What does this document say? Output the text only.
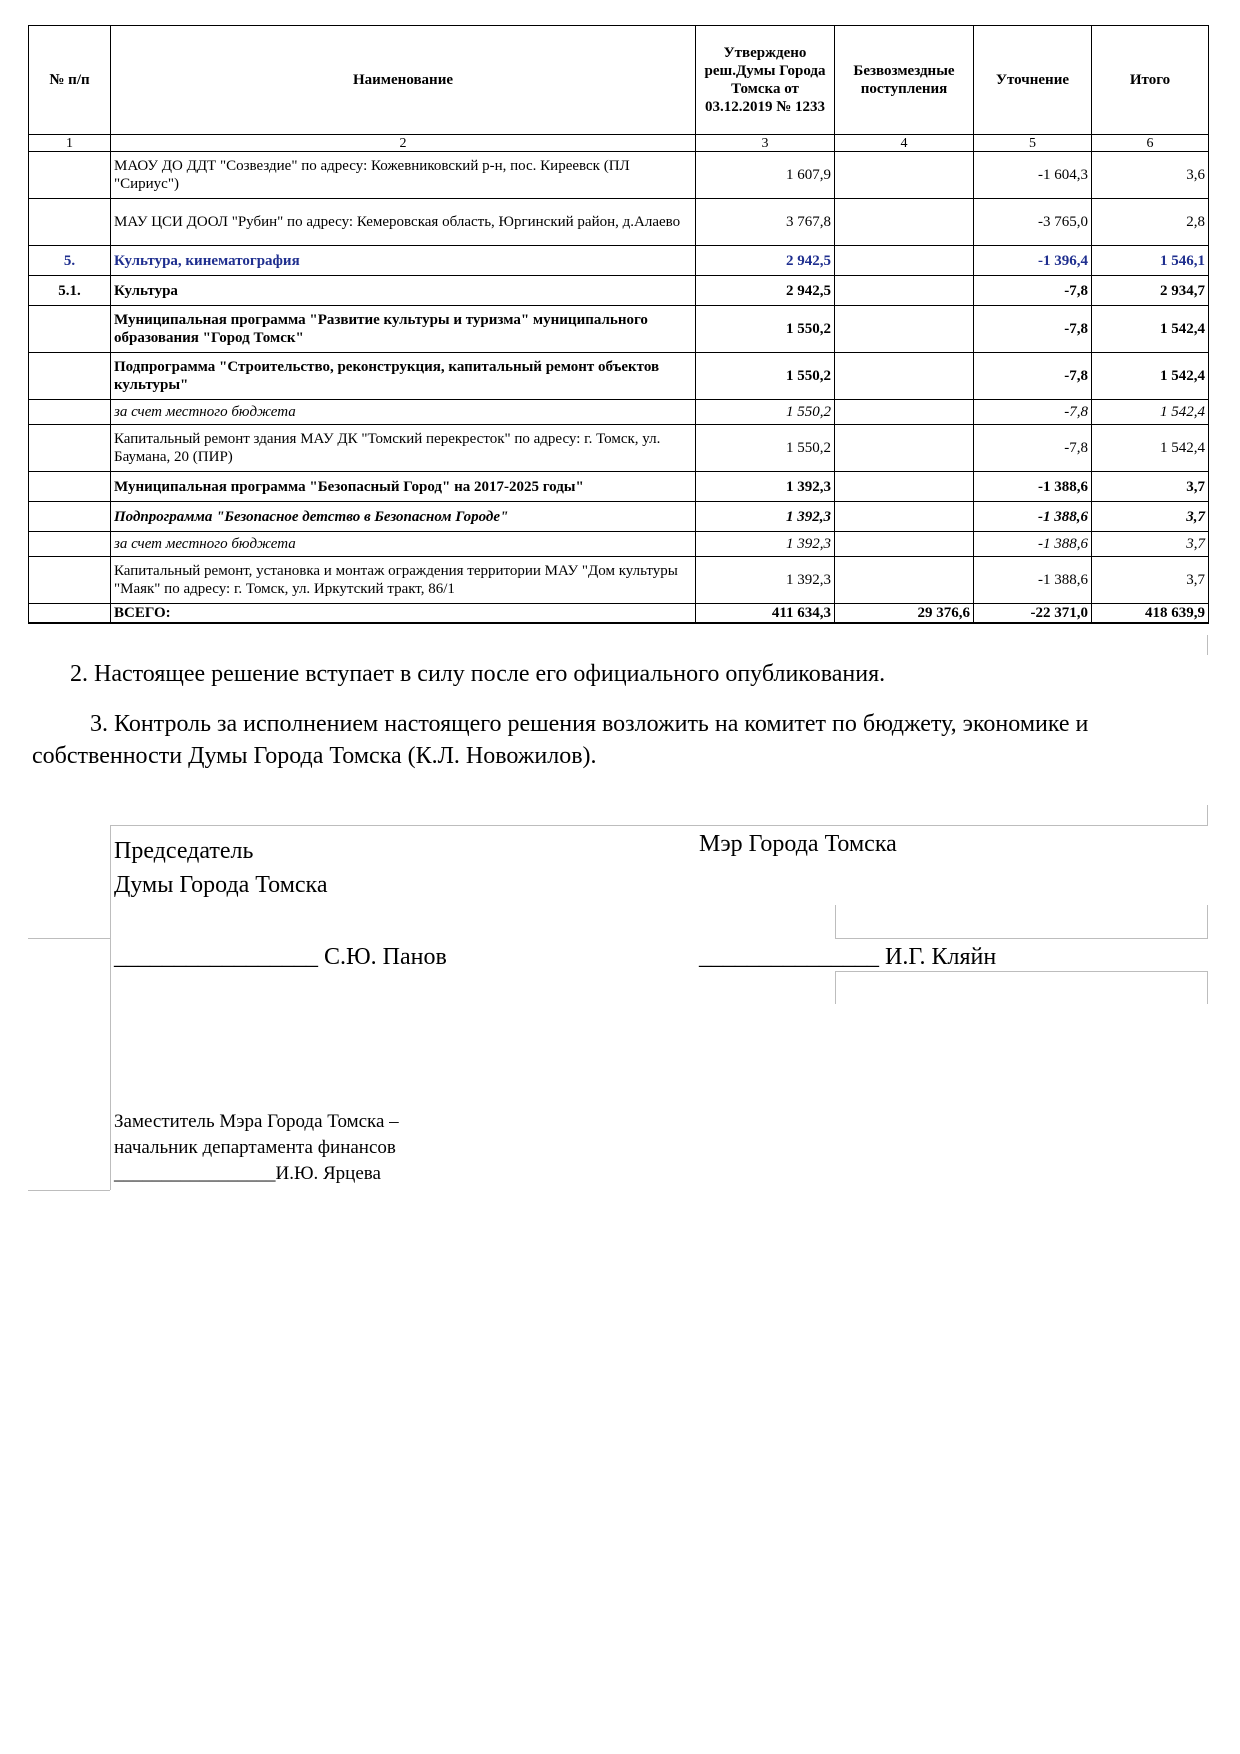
№ п/п	Наименование	Утверждено
реш.Думы Города
Томска от
03.12.2019 № 1233	Безвозмездные
поступления	Уточнение	Итого
1	2	3	4	5	6
	МАОУ ДО ДДТ "Созвездие" по адресу: Кожевниковский р-н, пос. Киреевск (ПЛ "Сириус")	1 607,9		-1 604,3	3,6
	МАУ ЦСИ ДООЛ "Рубин" по адресу: Кемеровская область, Юргинский район, д.Алаево	3 767,8		-3 765,0	2,8
5.	Культура, кинематография	2 942,5		-1 396,4	1 546,1
5.1.	Культура	2 942,5		-7,8	2 934,7
	Муниципальная программа "Развитие культуры и туризма" муниципального образования "Город Томск"	1 550,2		-7,8	1 542,4
	Подпрограмма "Строительство, реконструкция, капитальный ремонт объектов культуры"	1 550,2		-7,8	1 542,4
	за счет местного бюджета	1 550,2		-7,8	1 542,4
	Капитальный ремонт здания МАУ ДК "Томский перекресток" по адресу: г. Томск, ул. Баумана, 20 (ПИР)	1 550,2		-7,8	1 542,4
	Муниципальная программа "Безопасный Город" на 2017-2025 годы"	1 392,3		-1 388,6	3,7
	Подпрограмма "Безопасное детство в Безопасном Городе"	1 392,3		-1 388,6	3,7
	за счет местного бюджета	1 392,3		-1 388,6	3,7
	Капитальный ремонт, установка и монтаж ограждения территории МАУ "Дом культуры "Маяк" по адресу: г. Томск, ул. Иркутский тракт, 86/1	1 392,3		-1 388,6	3,7
	ВСЕГО:	411 634,3	29 376,6	-22 371,0	418 639,9
2. Настоящее решение вступает в силу после его официального опубликования.
3. Контроль за исполнением настоящего решения возложить на комитет по бюджету, экономике и собственности Думы Города Томска (К.Л. Новожилов).
Председатель
Думы Города Томска
Мэр Города Томска
_________________ С.Ю. Панов	_______________ И.Г. Кляйн
Заместитель Мэра Города Томска –
начальник департамента финансов
_________________И.Ю. Ярцева
